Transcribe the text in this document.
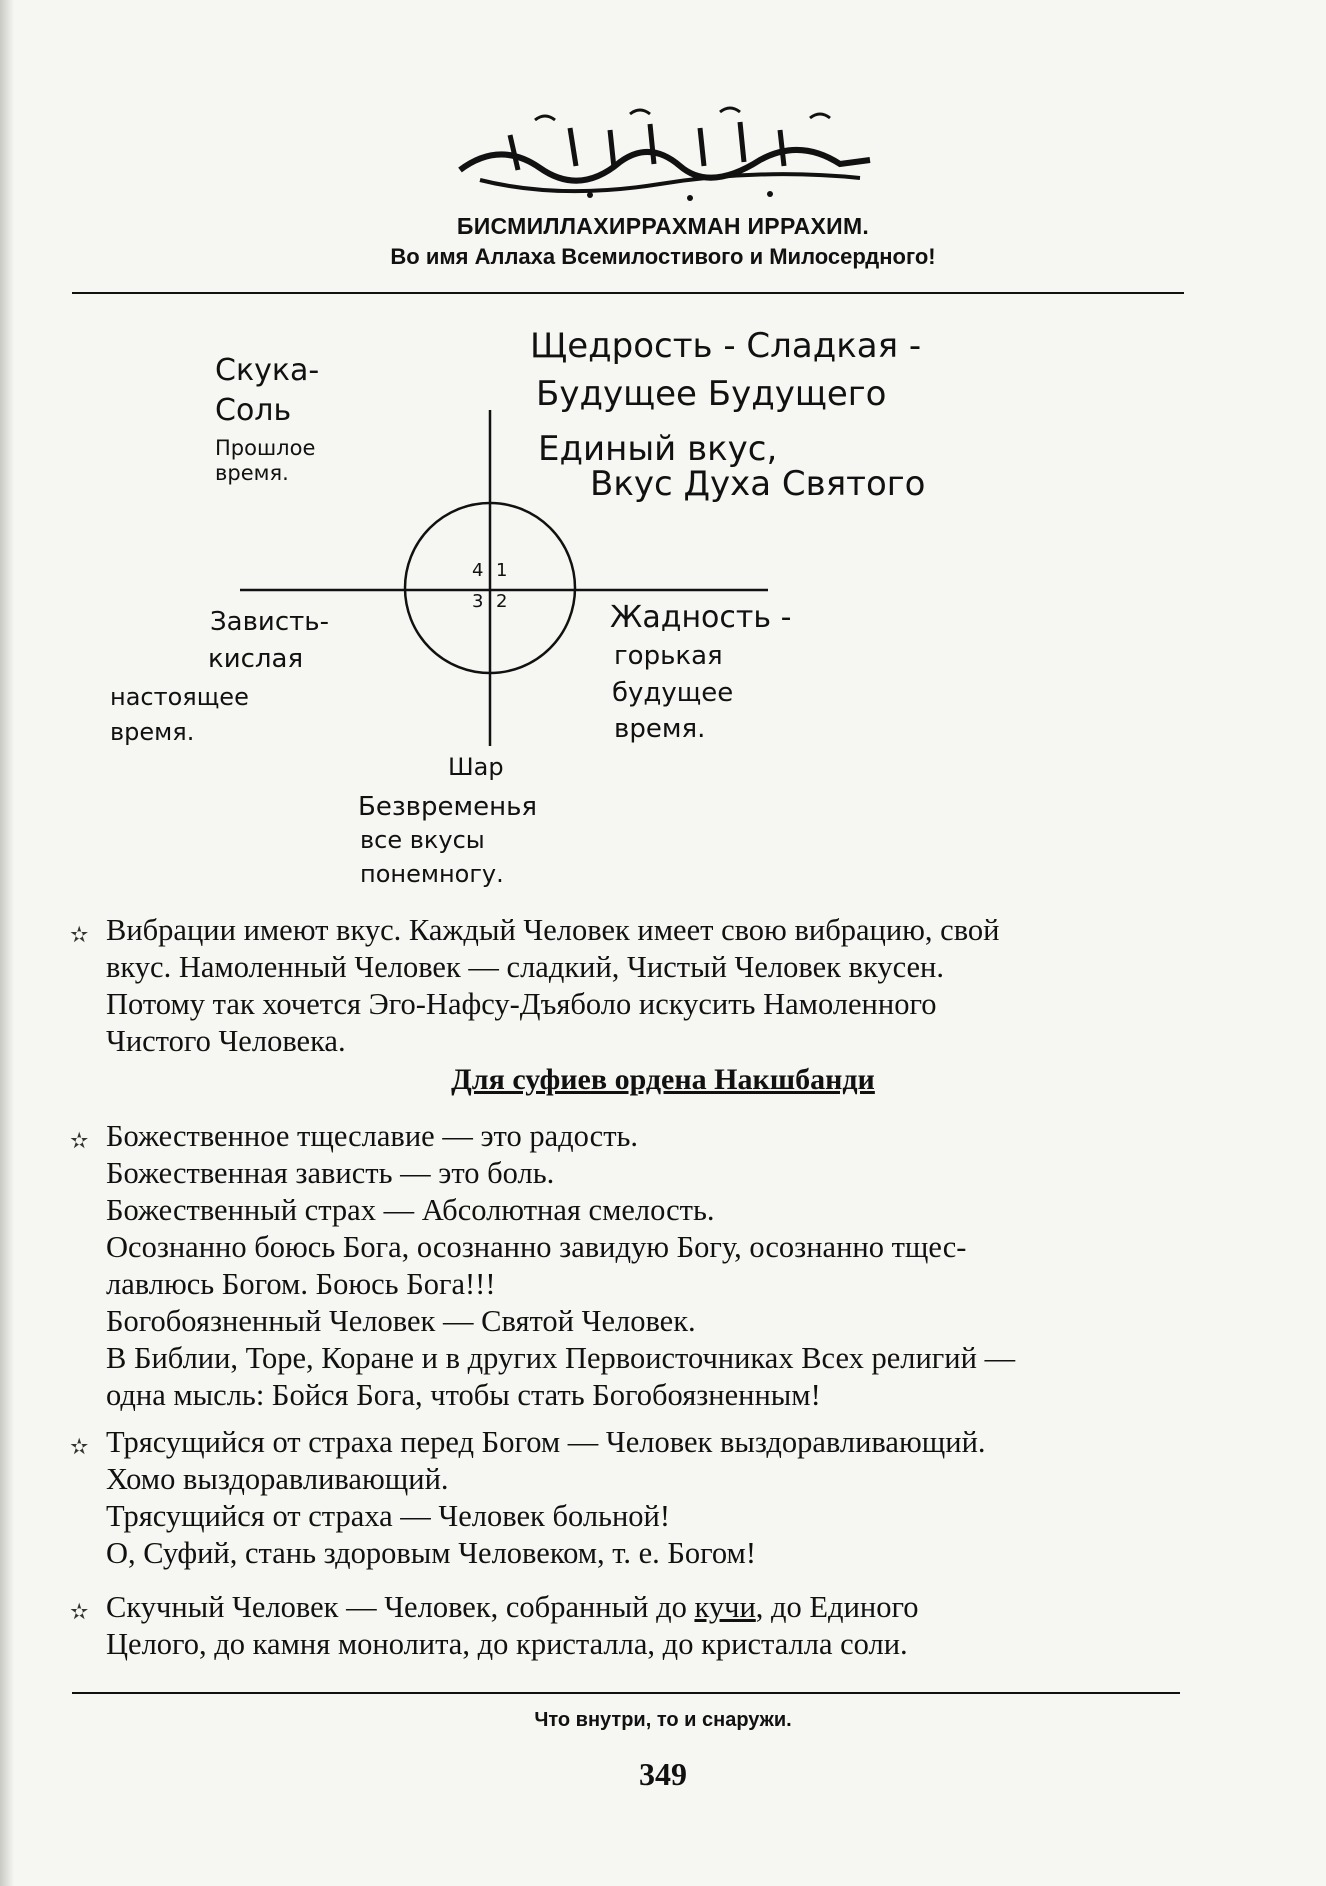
БИСМИЛЛАХИРРАХМАН ИРРАХИМ.
Во имя Аллаха Всемилостивого и Милосердного!
4 1
3 2
Скука-
Соль
Прошлое
время.
Щедрость - Сладкая -
Будущее Будущего
Единый вкус,
Вкус Духа Святого
Зависть-
кислая
настоящее
время.
Жадность -
горькая
будущее
время.
Шар
Безвременья
все вкусы
понемногу.
✫ Вибрации имеют вкус. Каждый Человек имеет свою вибрацию, свой
вкус. Намоленный Человек — сладкий, Чистый Человек вкусен.
Потому так хочется Эго-Нафсу-Дъяболо искусить Намоленного
Чистого Человека.
Для суфиев ордена Накшбанди
✫ Божественное тщеславие — это радость.
Божественная зависть — это боль.
Божественный страх — Абсолютная смелость.
Осознанно боюсь Бога, осознанно завидую Богу, осознанно тщес-
лавлюсь Богом. Боюсь Бога!!!
Богобоязненный Человек — Святой Человек.
В Библии, Торе, Коране и в других Первоисточниках Всех религий —
одна мысль: Бойся Бога, чтобы стать Богобоязненным!
✫ Трясущийся от страха перед Богом — Человек выздоравливающий.
Хомо выздоравливающий.
Трясущийся от страха — Человек больной!
О, Суфий, стань здоровым Человеком, т. е. Богом!
✫ Скучный Человек — Человек, собранный до кучи, до Единого
Целого, до камня монолита, до кристалла, до кристалла соли.
Что внутри, то и снаружи.
349
